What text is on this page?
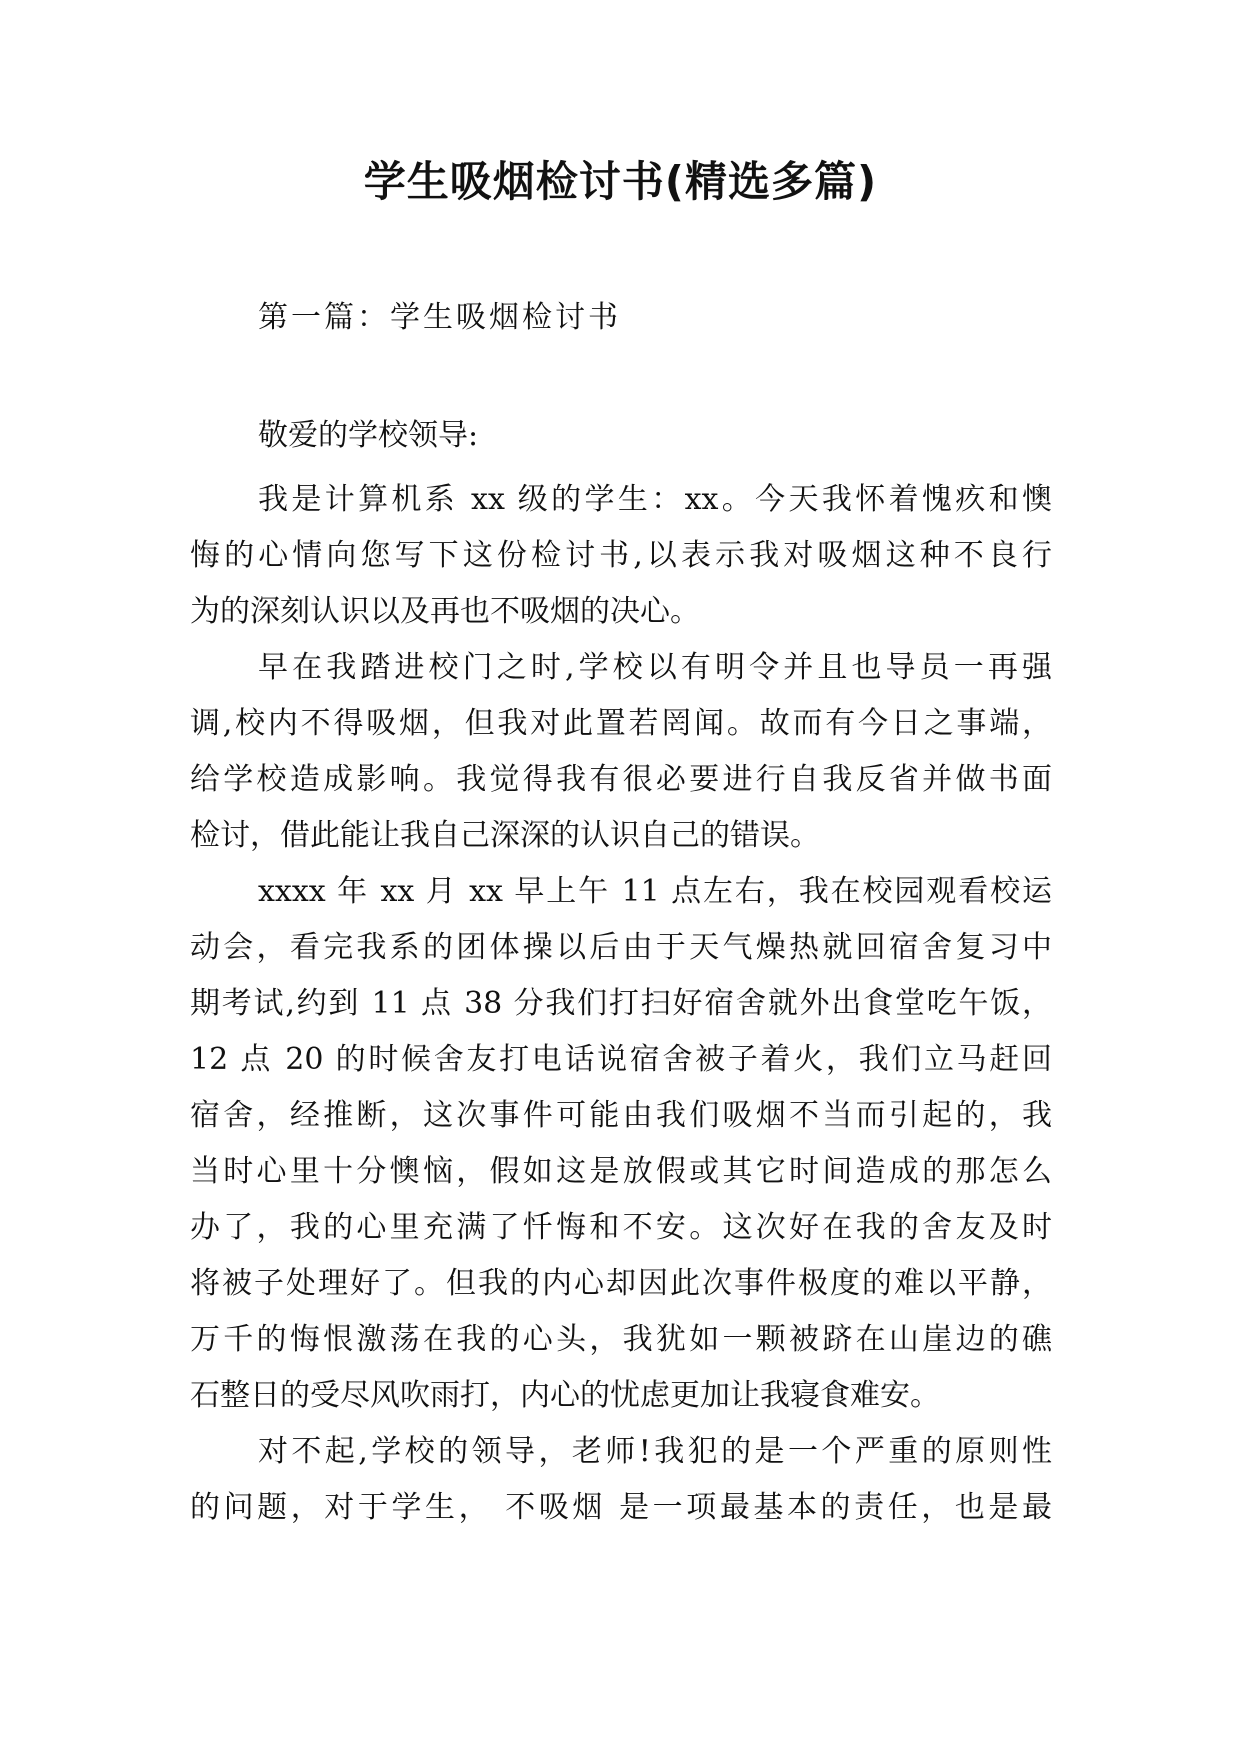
学生吸烟检讨书(精选多篇)
第一篇：学生吸烟检讨书

敬爱的学校领导:

我是计算机系 xx 级的学生：xx。今天我怀着愧疚和懊
悔的心情向您写下这份检讨书,以表示我对吸烟这种不良行
为的深刻认识以及再也不吸烟的决心。

早在我踏进校门之时,学校以有明令并且也导员一再强
调,校内不得吸烟，但我对此置若罔闻。故而有今日之事端，
给学校造成影响。我觉得我有很必要进行自我反省并做书面
检讨，借此能让我自己深深的认识自己的错误。

xxxx 年 xx 月 xx 早上午 11 点左右，我在校园观看校运
动会，看完我系的团体操以后由于天气燥热就回宿舍复习中
期考试,约到 11 点 38 分我们打扫好宿舍就外出食堂吃午饭，
12 点 20 的时候舍友打电话说宿舍被子着火，我们立马赶回
宿舍，经推断，这次事件可能由我们吸烟不当而引起的，我
当时心里十分懊恼，假如这是放假或其它时间造成的那怎么
办了，我的心里充满了忏悔和不安。这次好在我的舍友及时
将被子处理好了。但我的内心却因此次事件极度的难以平静，
万千的悔恨激荡在我的心头，我犹如一颗被跻在山崖边的礁
石整日的受尽风吹雨打，内心的忧虑更加让我寝食难安。

对不起,学校的领导，老师!我犯的是一个严重的原则性
的问题，对于学生， 不吸烟 是一项最基本的责任，也是最
